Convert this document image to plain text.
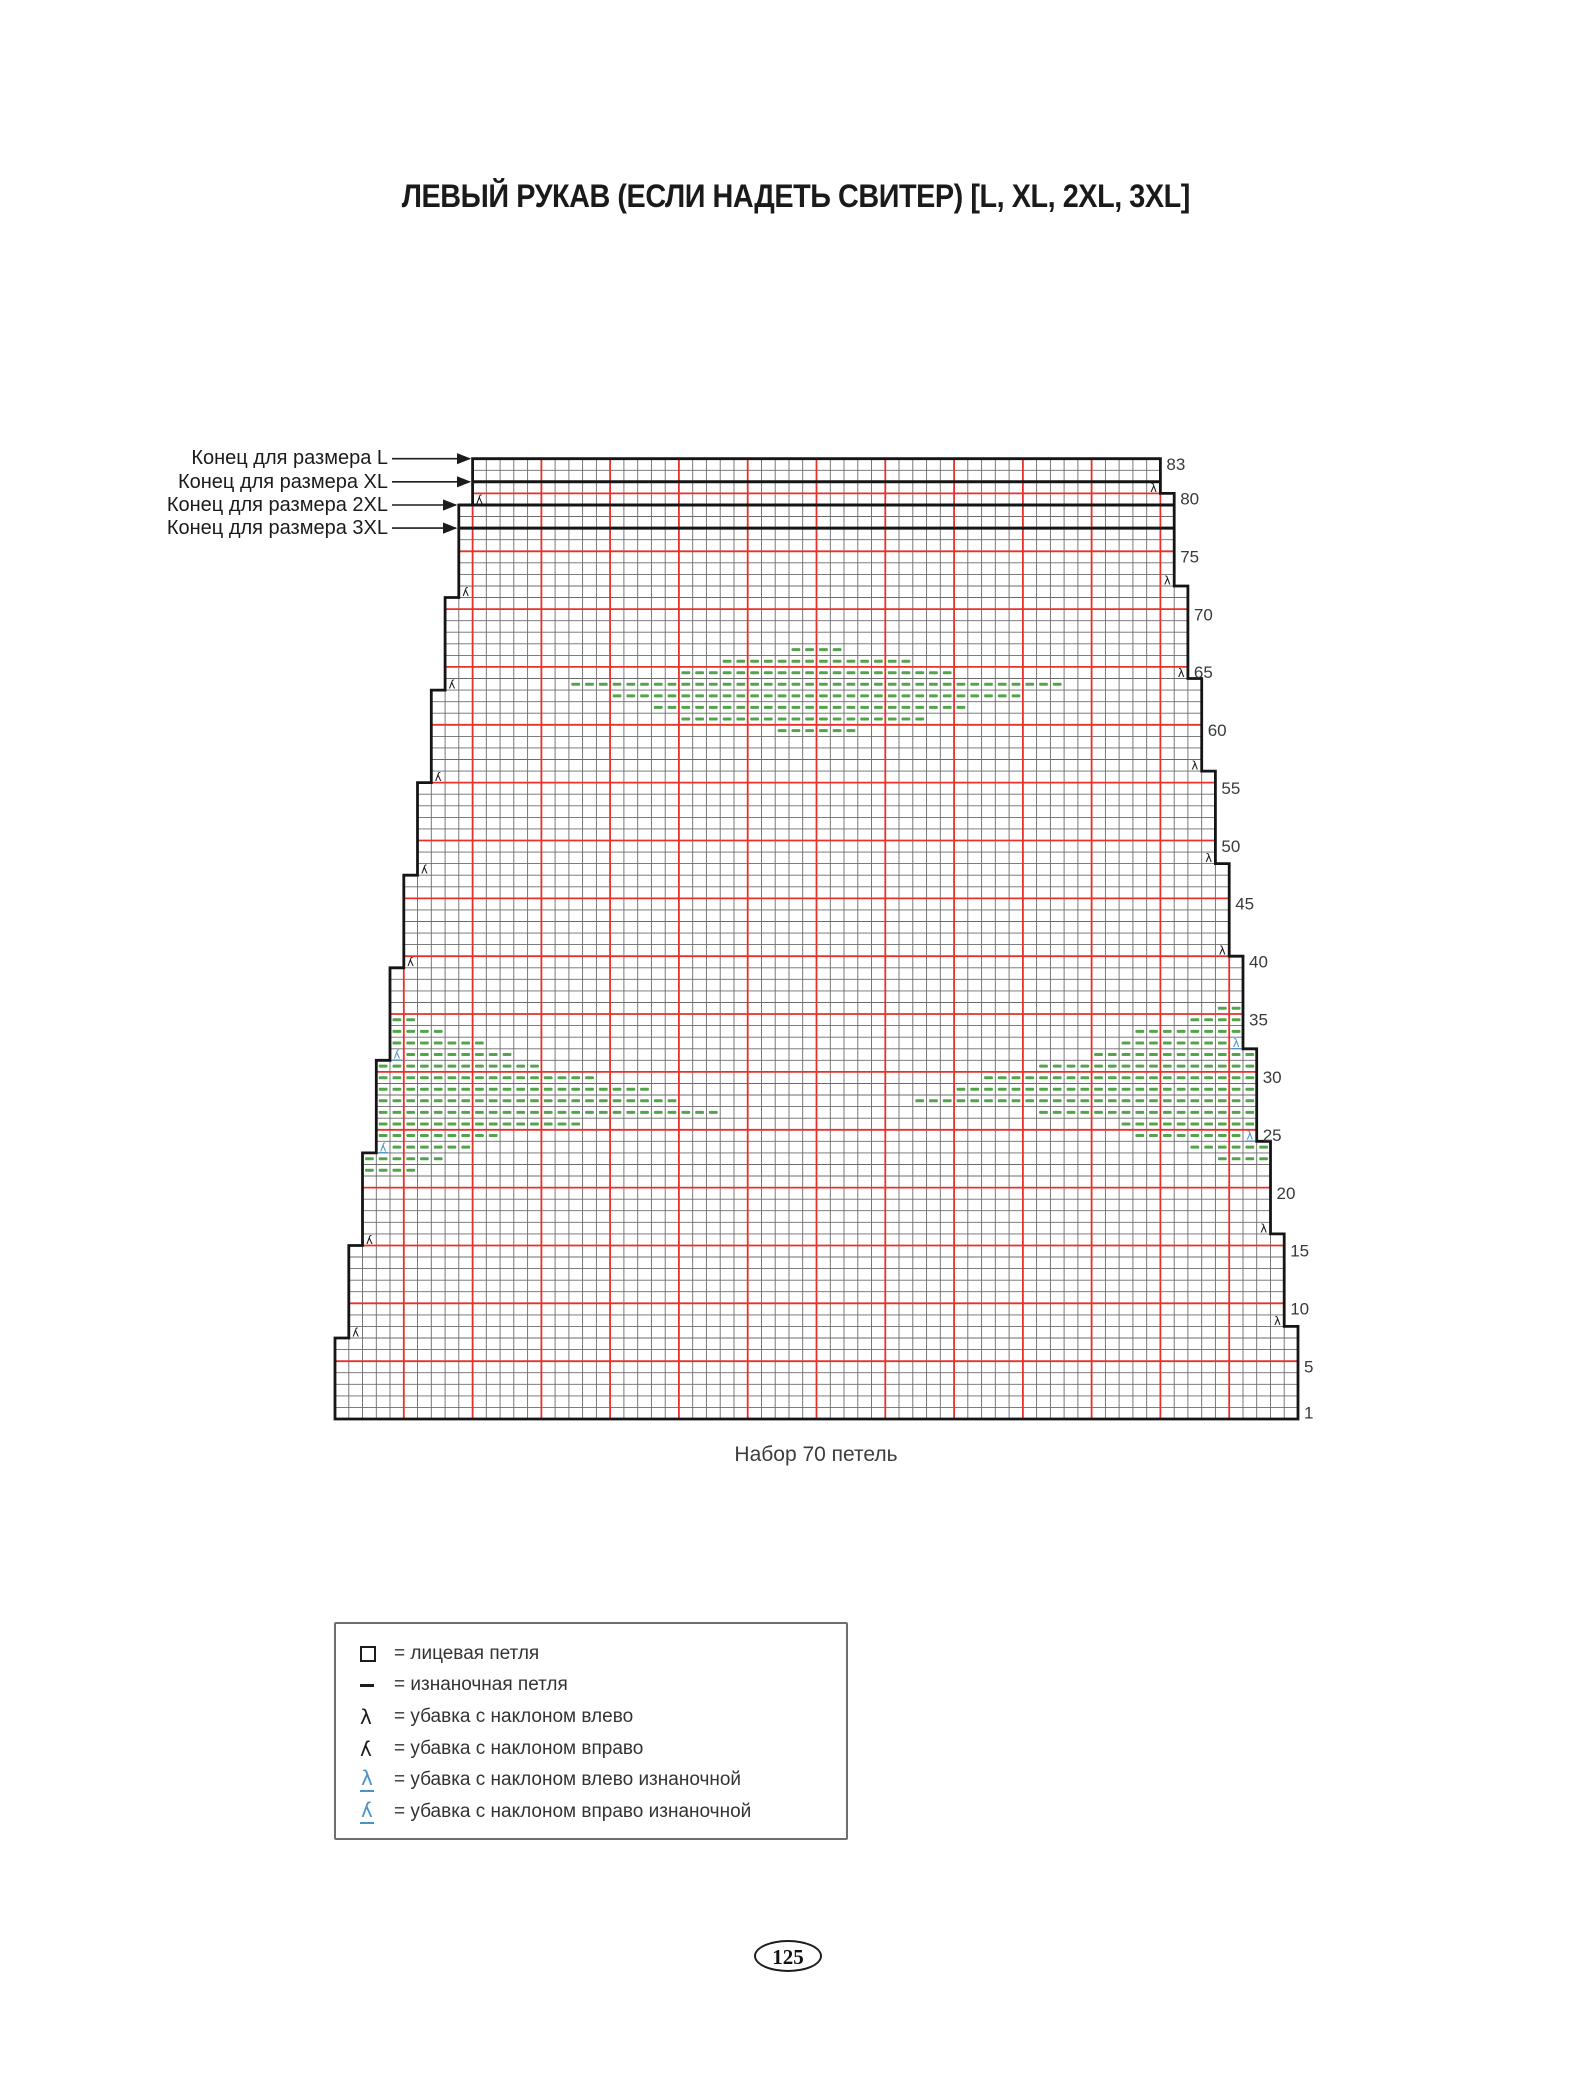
ЛЕВЫЙ РУКАВ (ЕСЛИ НАДЕТЬ СВИТЕР) [L, XL, 2XL, 3XL]
Конец для размера L
Конец для размера XL
Конец для размера 2XL
Конец для размера 3XL
λ
λ
λ
λ
λ
λ
λ
λ
λ
λ
λ
λ
λ
λ
λ
λ
λ
λ
λ
λ
1
5
10
15
20
25
30
35
40
45
50
55
60
65
70
75
80
83
Набор 70 петель
= лицевая петля
= изнаночная петля
λ = убавка с наклоном влево
λ = убавка с наклоном вправо
λ = убавка с наклоном влево изнаночной
λ = убавка с наклоном вправо изнаночной
125
